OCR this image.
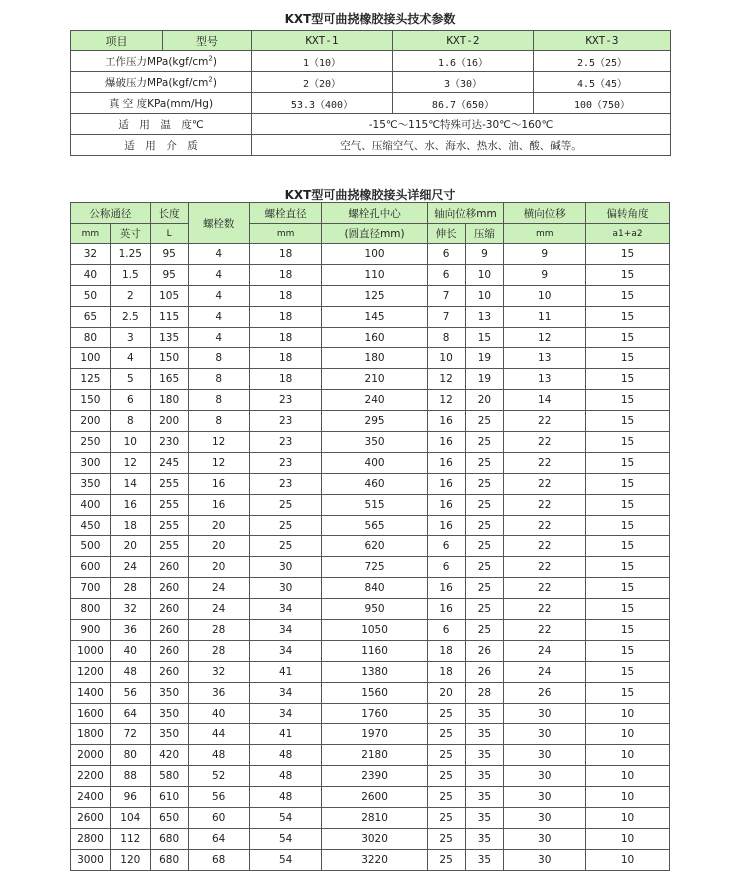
KXT型可曲挠橡胶接头技术参数
项目	型号	KXT-1	KXT-2	KXT-3
工作压力$MPa(kgf/cm^2)$		1（10）	1.6（16）	2.5（25）
爆破压力$MPa(kgf/cm^2)$		2（20）	3（30）	4.5（45）
真 空 度KPa(mm/Hg)		53.3（400）	86.7（650）	100（750）
适　用　温　度℃		-15℃～115℃特殊可达-30℃～160℃		
适　用　介　质		空气、压缩空气、水、海水、热水、油、酸、碱等。		
KXT型可曲挠橡胶接头详细尺寸
公称通径		长度	螺栓数	螺栓直径	螺栓孔中心	轴向位移mm		横向位移	偏转角度
mm	英寸	L		mm	(圆直径mm)	伸长	压缩	mm	a1+a2
32	1.25	95	4	18	100	6	9	9	15
40	1.5	95	4	18	110	6	10	9	15
50	2	105	4	18	125	7	10	10	15
65	2.5	115	4	18	145	7	13	11	15
80	3	135	4	18	160	8	15	12	15
100	4	150	8	18	180	10	19	13	15
125	5	165	8	18	210	12	19	13	15
150	6	180	8	23	240	12	20	14	15
200	8	200	8	23	295	16	25	22	15
250	10	230	12	23	350	16	25	22	15
300	12	245	12	23	400	16	25	22	15
350	14	255	16	23	460	16	25	22	15
400	16	255	16	25	515	16	25	22	15
450	18	255	20	25	565	16	25	22	15
500	20	255	20	25	620	6	25	22	15
600	24	260	20	30	725	6	25	22	15
700	28	260	24	30	840	16	25	22	15
800	32	260	24	34	950	16	25	22	15
900	36	260	28	34	1050	6	25	22	15
1000	40	260	28	34	1160	18	26	24	15
1200	48	260	32	41	1380	18	26	24	15
1400	56	350	36	34	1560	20	28	26	15
1600	64	350	40	34	1760	25	35	30	10
1800	72	350	44	41	1970	25	35	30	10
2000	80	420	48	48	2180	25	35	30	10
2200	88	580	52	48	2390	25	35	30	10
2400	96	610	56	48	2600	25	35	30	10
2600	104	650	60	54	2810	25	35	30	10
2800	112	680	64	54	3020	25	35	30	10
3000	120	680	68	54	3220	25	35	30	10
